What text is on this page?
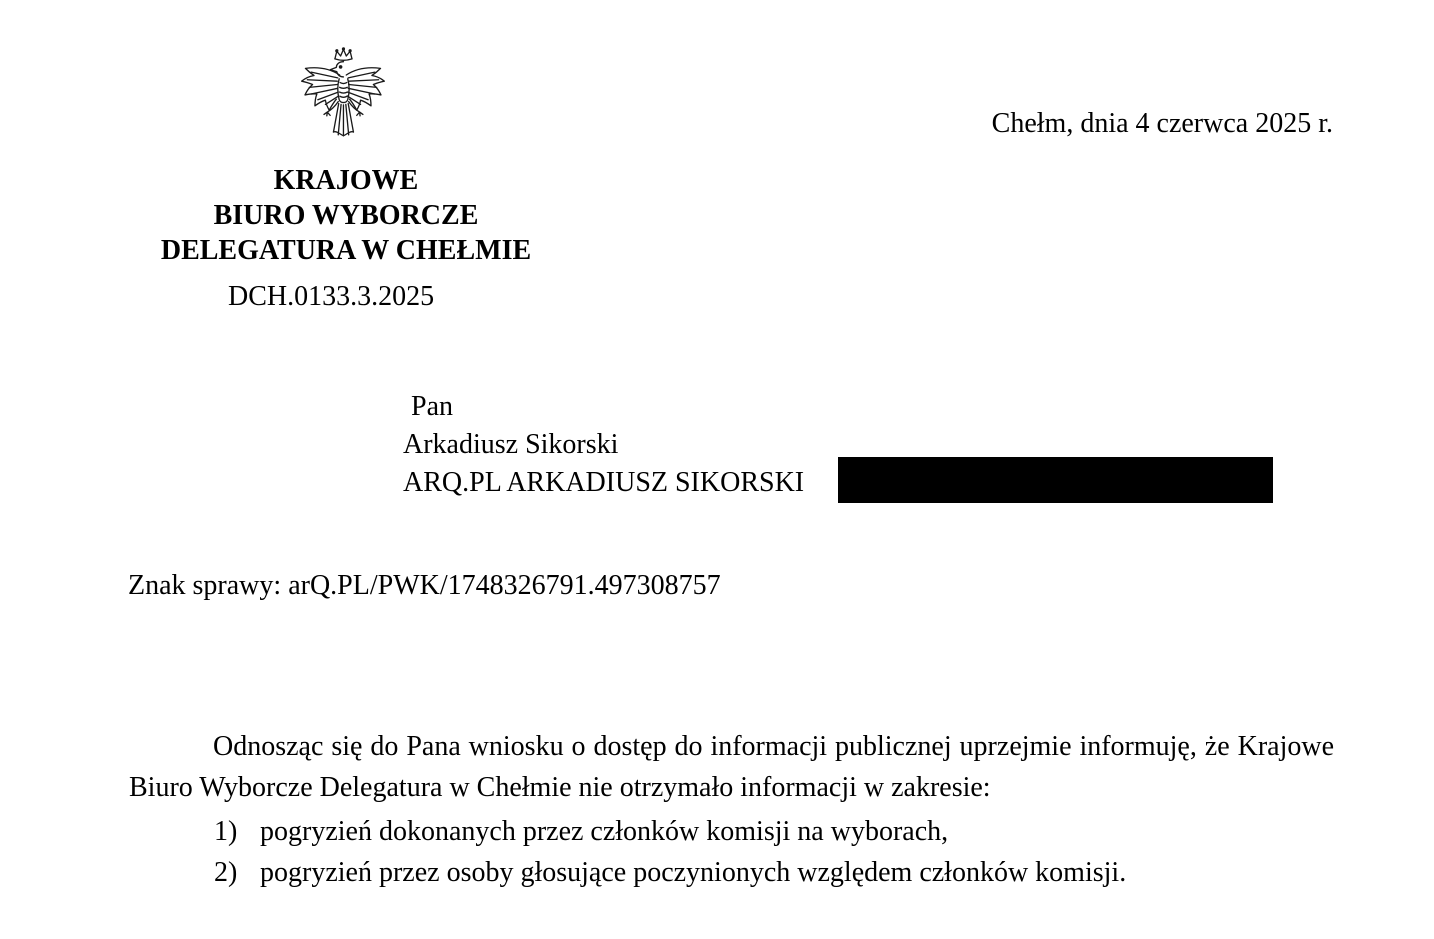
Chełm, dnia 4 czerwca 2025 r.
KRAJOWE
BIURO WYBORCZE
DELEGATURA W CHEŁMIE
DCH.0133.3.2025
Pan
Arkadiusz Sikorski
ARQ.PL ARKADIUSZ SIKORSKI
Znak sprawy: arQ.PL/PWK/1748326791.497308757
Odnosząc się do Pana wniosku o dostęp do informacji publicznej uprzejmie informuję, że Krajowe Biuro Wyborcze Delegatura w Chełmie nie otrzymało informacji w zakresie:
1) pogryzień dokonanych przez członków komisji na wyborach,
2) pogryzień przez osoby głosujące poczynionych względem członków komisji.
